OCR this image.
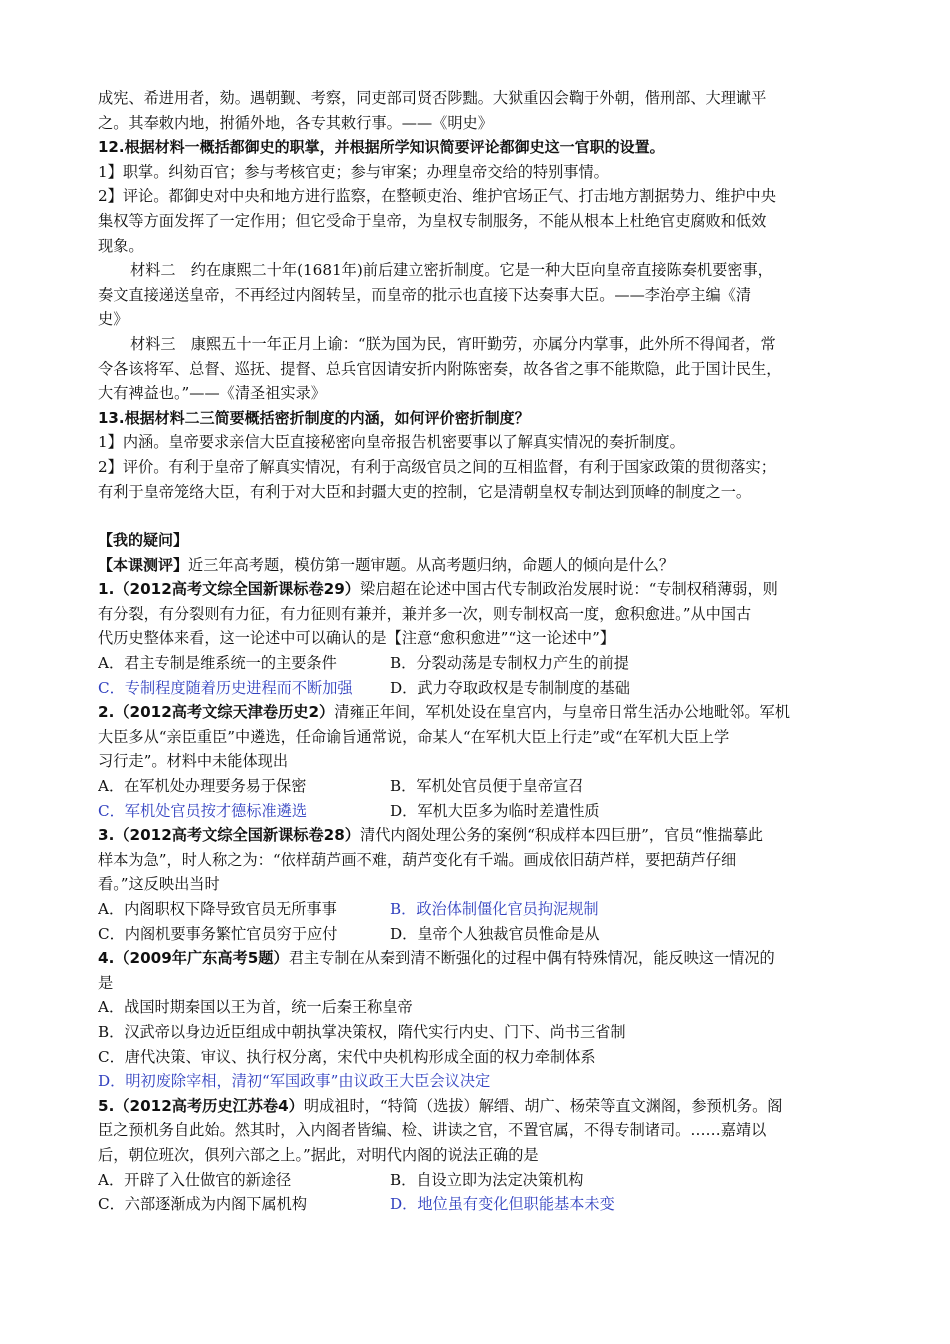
成宪、希进用者，劾。遇朝觐、考察，同吏部司贤否陟黜。大狱重囚会鞫于外朝，偕刑部、大理谳平
之。其奉敕内地，拊循外地，各专其敕行事。——《明史》
12.根据材料一概括都御史的职掌，并根据所学知识简要评论都御史这一官职的设置。
1】职掌。纠劾百官；参与考核官吏；参与审案；办理皇帝交给的特别事情。
2】评论。都御史对中央和地方进行监察，在整顿吏治、维护官场正气、打击地方割据势力、维护中央
集权等方面发挥了一定作用；但它受命于皇帝，为皇权专制服务，不能从根本上杜绝官吏腐败和低效
现象。
材料二　约在康熙二十年(1681年)前后建立密折制度。它是一种大臣向皇帝直接陈奏机要密事，
奏文直接递送皇帝，不再经过内阁转呈，而皇帝的批示也直接下达奏事大臣。——李治亭主编《清
史》
材料三　康熙五十一年正月上谕：“朕为国为民，宵旰勤劳，亦属分内掌事，此外所不得闻者，常
令各该将军、总督、巡抚、提督、总兵官因请安折内附陈密奏，故各省之事不能欺隐，此于国计民生，
大有裨益也。”——《清圣祖实录》
13.根据材料二三简要概括密折制度的内涵，如何评价密折制度？
1】内涵。皇帝要求亲信大臣直接秘密向皇帝报告机密要事以了解真实情况的奏折制度。
2】评价。有利于皇帝了解真实情况，有利于高级官员之间的互相监督，有利于国家政策的贯彻落实；
有利于皇帝笼络大臣，有利于对大臣和封疆大吏的控制，它是清朝皇权专制达到顶峰的制度之一。
【我的疑问】
【本课测评】近三年高考题，模仿第一题审题。从高考题归纳，命题人的倾向是什么？
1.（2012高考文综全国新课标卷29）梁启超在论述中国古代专制政治发展时说：“专制权稍薄弱，则
有分裂，有分裂则有力征，有力征则有兼并，兼并多一次，则专制权高一度，愈积愈进。”从中国古
代历史整体来看，这一论述中可以确认的是【注意“愈积愈进”“这一论述中”】
A．君主专制是维系统一的主要条件	B．分裂动荡是专制权力产生的前提
C．专制程度随着历史进程而不断加强	D．武力夺取政权是专制制度的基础
2.（2012高考文综天津卷历史2）清雍正年间，军机处设在皇宫内，与皇帝日常生活办公地毗邻。军机
大臣多从“亲臣重臣”中遴选，任命谕旨通常说，命某人“在军机大臣上行走”或“在军机大臣上学
习行走”。材料中未能体现出
A．在军机处办理要务易于保密	B．军机处官员便于皇帝宣召
C．军机处官员按才德标准遴选	D．军机大臣多为临时差遣性质
3.（2012高考文综全国新课标卷28）清代内阁处理公务的案例“积成样本四巨册”，官员“惟揣摹此
样本为急”，时人称之为：“依样葫芦画不难，葫芦变化有千端。画成依旧葫芦样，要把葫芦仔细
看。”这反映出当时
A．内阁职权下降导致官员无所事事	B．政治体制僵化官员拘泥规制
C．内阁机要事务繁忙官员穷于应付	D．皇帝个人独裁官员惟命是从
4.（2009年广东高考5题）君主专制在从秦到清不断强化的过程中偶有特殊情况，能反映这一情况的
是
A．战国时期秦国以王为首，统一后秦王称皇帝
B．汉武帝以身边近臣组成中朝执掌决策权，隋代实行内史、门下、尚书三省制
C．唐代决策、审议、执行权分离，宋代中央机构形成全面的权力牵制体系
D．明初废除宰相，清初“军国政事”由议政王大臣会议决定
5.（2012高考历史江苏卷4）明成祖时，“特简（选拔）解缙、胡广、杨荣等直文渊阁，参预机务。阁
臣之预机务自此始。然其时，入内阁者皆编、检、讲读之官，不置官属，不得专制诸司。……嘉靖以
后，朝位班次，俱列六部之上。”据此，对明代内阁的说法正确的是
A．开辟了入仕做官的新途径	B．自设立即为法定决策机构
C．六部逐渐成为内阁下属机构	D．地位虽有变化但职能基本未变
